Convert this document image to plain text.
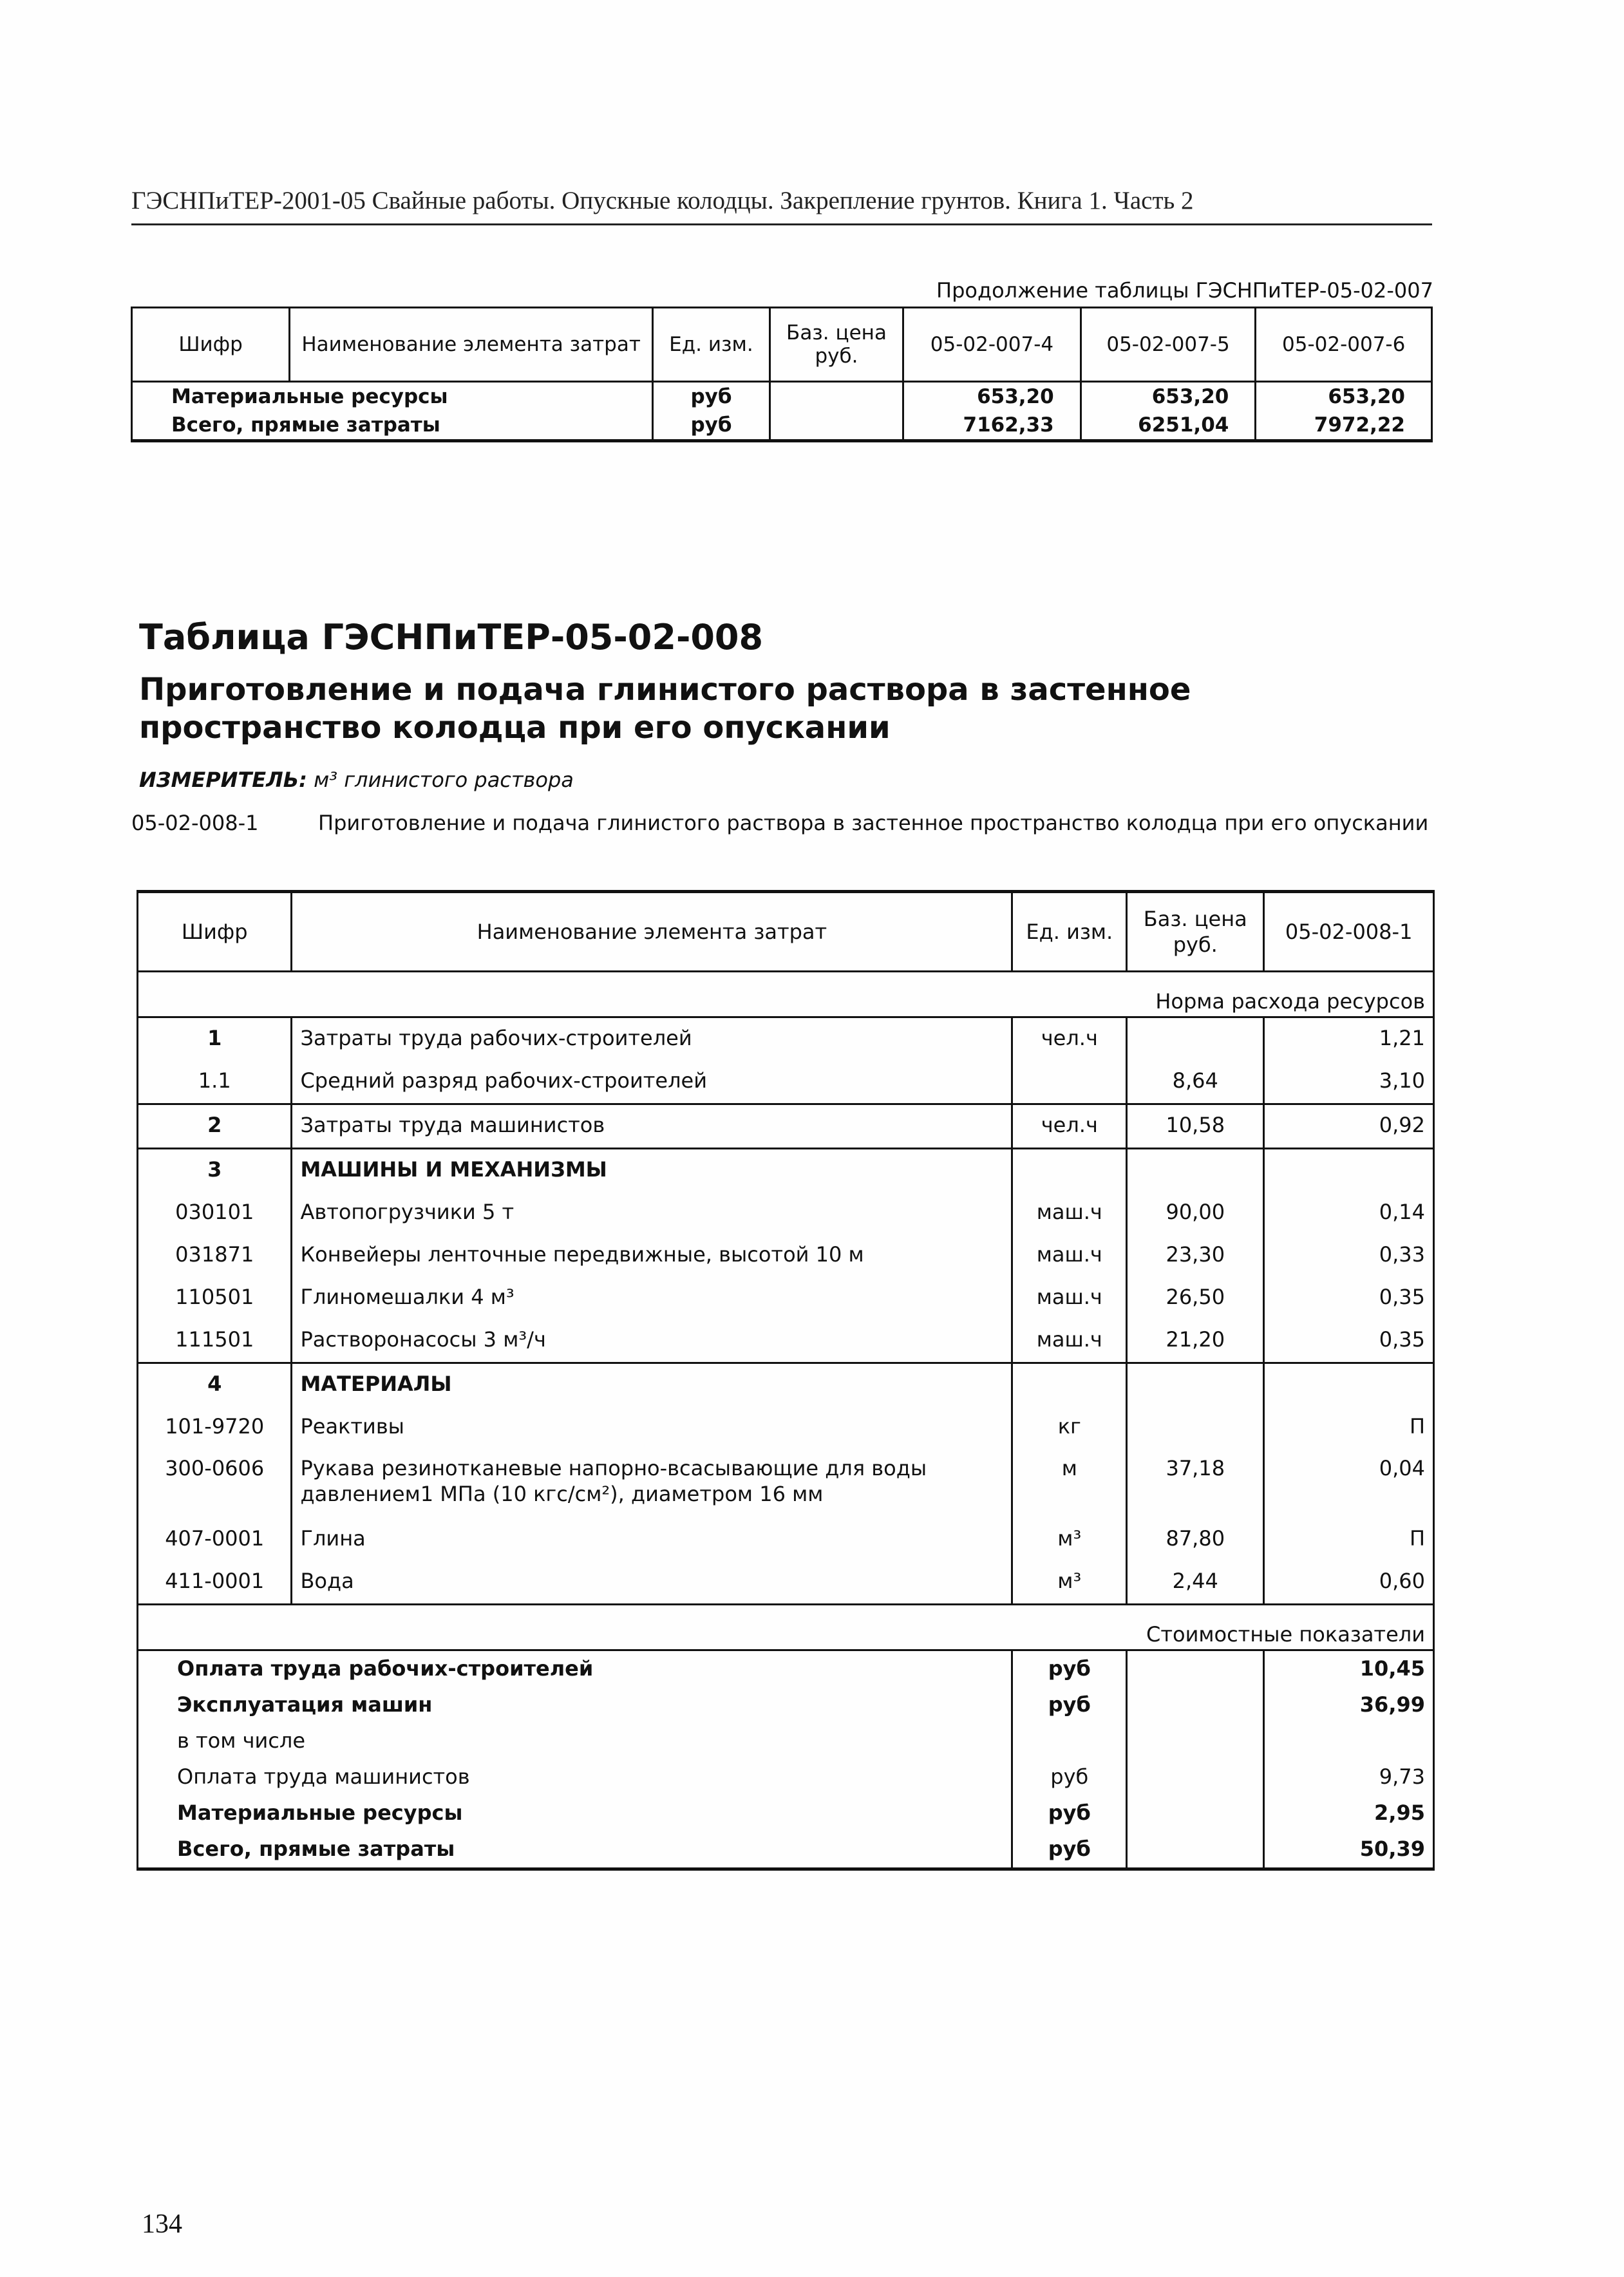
ГЭСНПиТЕР-2001-05 Свайные работы. Опускные колодцы. Закрепление грунтов. Книга 1. Часть 2
Продолжение таблицы ГЭСНПиТЕР-05-02-007
Шифр	Наименование элемента затрат	Ед. изм.	Баз. цена руб.	05-02-007-4	05-02-007-5	05-02-007-6
Материальные ресурсы		руб		653,20	653,20	653,20
Всего, прямые затраты		руб		7162,33	6251,04	7972,22
Таблица ГЭСНПиТЕР-05-02-008
Приготовление и подача глинистого раствора в застенное пространство колодца при его опускании
ИЗМЕРИТЕЛЬ: м³ глинистого раствора
05-02-008-1	Приготовление и подача глинистого раствора в застенное пространство колодца при его опускании
Шифр	Наименование элемента затрат	Ед. изм.	Баз. цена руб.	05-02-008-1
Норма расхода ресурсов				
1	Затраты труда рабочих-строителей	чел.ч		1,21
1.1	Средний разряд рабочих-строителей		8,64	3,10
2	Затраты труда машинистов	чел.ч	10,58	0,92
3	МАШИНЫ И МЕХАНИЗМЫ			
030101	Автопогрузчики 5 т	маш.ч	90,00	0,14
031871	Конвейеры ленточные передвижные, высотой 10 м	маш.ч	23,30	0,33
110501	Глиномешалки 4 м³	маш.ч	26,50	0,35
111501	Растворонасосы 3 м³/ч	маш.ч	21,20	0,35
4	МАТЕРИАЛЫ			
101-9720	Реактивы	кг		П
300-0606	Рукава резинотканевые напорно-всасывающие для воды
давлением1 МПа (10 кгс/см²), диаметром 16 мм	м	37,18	0,04
407-0001	Глина	м³	87,80	П
411-0001	Вода	м³	2,44	0,60
Стоимостные показатели				
Оплата труда рабочих-строителей		руб		10,45
Эксплуатация машин		руб		36,99
в том числе				
Оплата труда машинистов		руб		9,73
Материальные ресурсы		руб		2,95
Всего, прямые затраты		руб		50,39
134
